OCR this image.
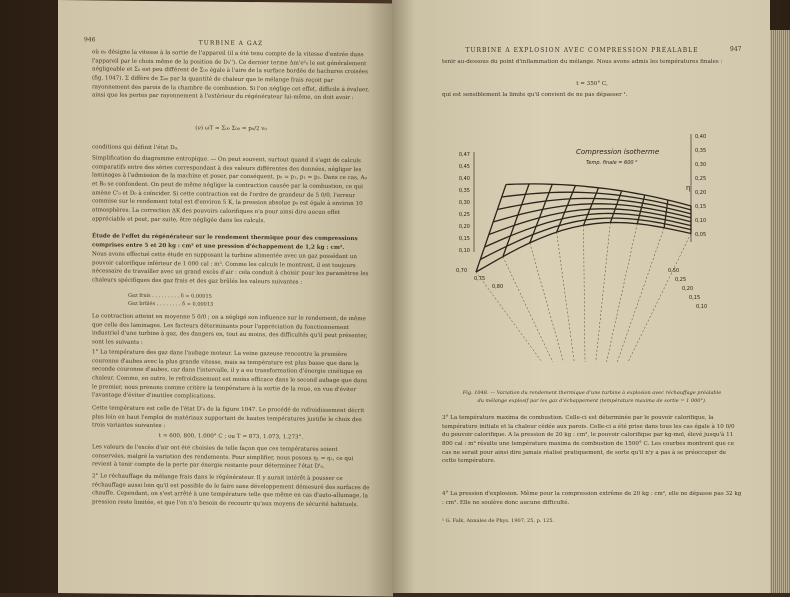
946	TURBINE A GAZ
où e₀ désigne la vitesse à la sortie de l'appareil (il a été tenu compte de la vitesse d'entrée dans l'appareil par le choix même de la position de D₀''). Ce dernier terme Δm'e²₀ le est généralement négligeable et Σ₀ est peu différent de Σ₀₀ égale à l'aire de la surface bordée de hachures croisées (fig. 1047). Σ diffère de Σ₀₀ par la quantité de chaleur que le mélange frais reçoit par rayonnement des parois de la chambre de combustion. Si l'on néglige cet effet, difficile à évaluer, ainsi que les pertes par rayonnement à l'extérieur du régénérateur lui-même, on doit avoir :
(ν) ωT = Σ₀₀ Σ₀₀ = p₀/2 v₀
conditions qui définit l'état D₀.
Simplification du diagramme entropique. — On peut souvent, surtout quand il s'agit de calculs comparatifs entre des séries correspondant à des valeurs différentes des données, négliger les laminages à l'admission de la machine et poser, par conséquent, p₀ = p₁, p₁ = p₂. Dans ce cas, A₀ et B₀ se confondent. On peut de même négliger la contraction causée par la combustion, ce qui amène C'₀ et D₀ à coïncider. Si cette contraction est de l'ordre de grandeur de 5 0/0, l'erreur commise sur le rendement total est d'environ 5 K, la pression absolue p₀ est égale à environ 10 atmosphères. La correction ΔK des pouvoirs calorifiques n'a pour ainsi dire aucun effet appréciable et peut, par suite, être négligée dans les calculs.
Étude de l'effet du régénérateur sur le rendement thermique pour des compressions comprises entre 5 et 20 kg : cm² et une pression d'échappement de 1,2 kg : cm².
Nous avons effectué cette étude en supposant la turbine alimentée avec un gaz possédant un pouvoir calorifique inférieur de 1 000 cal : m³. Comme les calculs le montrent, il est toujours nécessaire de travailler avec un grand excès d'air : cela conduit à choisir pour les paramètres les chaleurs spécifiques des gaz frais et des gaz brûlés les valeurs suivantes :
Gaz frais . . . . . . . . . δ = 0,00015
Gaz brûlés . . . . . . . . δ = 0,00013
La contraction atteint en moyenne 5 0/0 ; on a négligé son influence sur le rendement, de même que celle des laminages. Les facteurs déterminants pour l'appréciation du fonctionnement industriel d'une turbine à gaz, des dangers en, tout au moins, des difficultés qu'il peut présenter, sont les suivants :
1° La température des gaz dans l'aubage moteur. La veine gazeuse rencontre la première couronne d'aubes avec la plus grande vitesse, mais sa température est plus basse que dans la seconde couronne d'aubes, car dans l'intervalle, il y a eu transformation d'énergie cinétique en chaleur. Comme, en outre, le refroidissement est moins efficace dans le second aubage que dans le premier, nous prenons comme critère la température à la sortie de la roue, en vue d'éviter l'avantage d'éviter d'inutiles complications.
Cette température est celle de l'état D'₀ de la figure 1047. Le procédé de refroidissement décrit plus loin en haut l'emploi de matériaux supportant de hautes températures justifie le choix des trois variantes suivantes :
t = 600, 800, 1.000° C ; ou T = 873, 1.073, 1.273°.
Les valeurs de l'excès d'air ont été choisies de telle façon que ces températures soient conservées, malgré la variation des rendements. Pour simplifier, nous posons η₁ = η₂, ce qui revient à tenir compte de la perte par énergie restante pour déterminer l'état D'₀.
2° Le réchauffage du mélange frais dans le régénérateur. Il y aurait intérêt à pousser ce réchauffage aussi loin qu'il est possible de le faire sans développement démesuré des surfaces de chauffe. Cependant, on s'est arrêté à une température telle que même en cas d'auto-allumage, la pression reste limitée, et que l'on n'a besoin de recourir qu'aux moyens de sécurité habituels.
TURBINE A EXPLOSION AVEC COMPRESSION PRÉALABLE	947
tenir au-dessous du point d'inflammation du mélange. Nous avons admis les températures finales :
t = 350° C,
qui est sensiblement la limite qu'il convient de ne pas dépasser ¹.
Compression isotherme
Temp. finale = 600 °
η
0,47
0,45
0,40
0,35
0,30
0,25
0,20
0,15
0,10
0,40
0,35
0,30
0,25
0,20
0,15
0,10
0,05
0,70
0,75
0,80
0,50
0,25
0,20
0,15
0,10
Fig. 1048. — Variation du rendement thermique d'une turbine à explosion avec réchauffage préalable du mélange explosif par les gaz d'échappement (température maxima de sortie = 1 000°).
3° La température maxima de combustion. Celle-ci est déterminée par le pouvoir calorifique, la température initiale et la chaleur cédée aux parois. Celle-ci a été prise dans tous les cas égale à 10 0/0 du pouvoir calorifique. A la pression de 20 kg : cm², le pouvoir calorifique par kg-mol, élevé jusqu'à 11 800 cal : m³ résulte une température maxima de combustion de 1500° C. Les courbes montrent que ce cas ne serait pour ainsi dire jamais réalisé pratiquement, de sorte qu'il n'y a pas à se préoccuper de cette température.
4° La pression d'explosion. Même pour la compression extrême de 20 kg : cm², elle ne dépasse pas 32 kg : cm². Elle ne soulève donc aucune difficulté.
¹ G. Falk, Annales de Phys. 1907, 25, p. 125.
